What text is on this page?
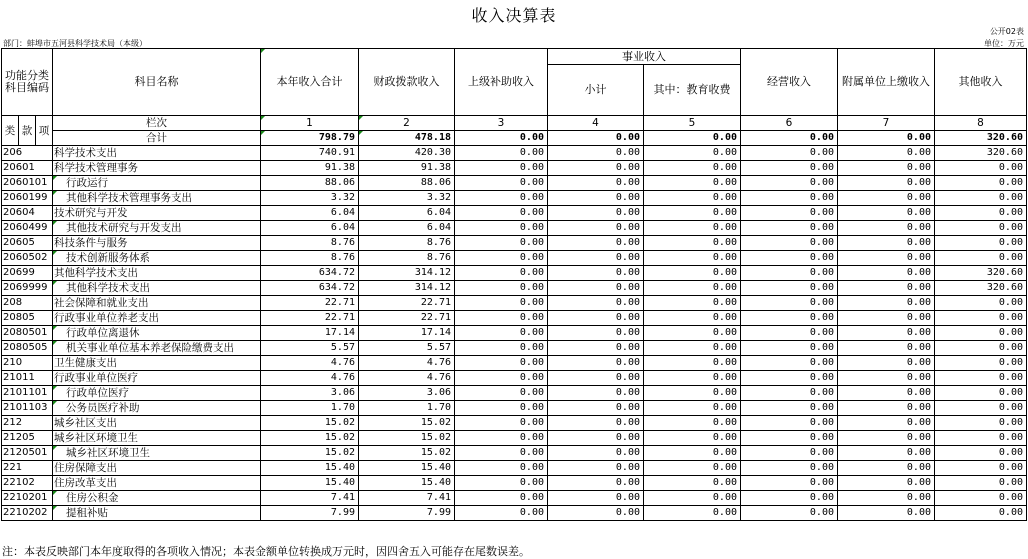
收入决算表
公开02表
部门：蚌埠市五河县科学技术局（本级）	单位：万元
功能分类科目编码			科目名称	本年收入合计	财政拨款收入	上级补助收入	事业收入		经营收入	附属单位上缴收入	其他收入
							小计	其中：教育收费			

类	款	项	栏次	1	2	3	4	5	6	7	8
			合计	798.79	478.18	0.00	0.00	0.00	0.00	0.00	320.60
206			科学技术支出	740.91	420.30	0.00	0.00	0.00	0.00	0.00	320.60
20601			科学技术管理事务	91.38	91.38	0.00	0.00	0.00	0.00	0.00	0.00
2060101			行政运行	88.06	88.06	0.00	0.00	0.00	0.00	0.00	0.00
2060199			其他科学技术管理事务支出	3.32	3.32	0.00	0.00	0.00	0.00	0.00	0.00
20604			技术研究与开发	6.04	6.04	0.00	0.00	0.00	0.00	0.00	0.00
2060499			其他技术研究与开发支出	6.04	6.04	0.00	0.00	0.00	0.00	0.00	0.00
20605			科技条件与服务	8.76	8.76	0.00	0.00	0.00	0.00	0.00	0.00
2060502			技术创新服务体系	8.76	8.76	0.00	0.00	0.00	0.00	0.00	0.00
20699			其他科学技术支出	634.72	314.12	0.00	0.00	0.00	0.00	0.00	320.60
2069999			其他科学技术支出	634.72	314.12	0.00	0.00	0.00	0.00	0.00	320.60
208			社会保障和就业支出	22.71	22.71	0.00	0.00	0.00	0.00	0.00	0.00
20805			行政事业单位养老支出	22.71	22.71	0.00	0.00	0.00	0.00	0.00	0.00
2080501			行政单位离退休	17.14	17.14	0.00	0.00	0.00	0.00	0.00	0.00
2080505			机关事业单位基本养老保险缴费支出	5.57	5.57	0.00	0.00	0.00	0.00	0.00	0.00
210			卫生健康支出	4.76	4.76	0.00	0.00	0.00	0.00	0.00	0.00
21011			行政事业单位医疗	4.76	4.76	0.00	0.00	0.00	0.00	0.00	0.00
2101101			行政单位医疗	3.06	3.06	0.00	0.00	0.00	0.00	0.00	0.00
2101103			公务员医疗补助	1.70	1.70	0.00	0.00	0.00	0.00	0.00	0.00
212			城乡社区支出	15.02	15.02	0.00	0.00	0.00	0.00	0.00	0.00
21205			城乡社区环境卫生	15.02	15.02	0.00	0.00	0.00	0.00	0.00	0.00
2120501			城乡社区环境卫生	15.02	15.02	0.00	0.00	0.00	0.00	0.00	0.00
221			住房保障支出	15.40	15.40	0.00	0.00	0.00	0.00	0.00	0.00
22102			住房改革支出	15.40	15.40	0.00	0.00	0.00	0.00	0.00	0.00
2210201			住房公积金	7.41	7.41	0.00	0.00	0.00	0.00	0.00	0.00
2210202			提租补贴	7.99	7.99	0.00	0.00	0.00	0.00	0.00	0.00
注：本表反映部门本年度取得的各项收入情况；本表金额单位转换成万元时，因四舍五入可能存在尾数误差。
